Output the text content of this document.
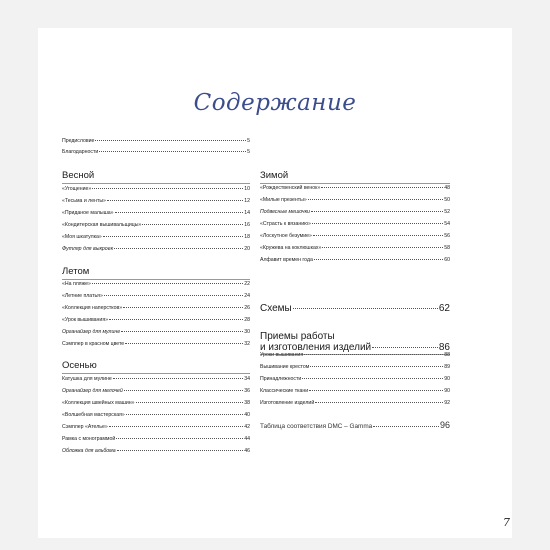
Содержание
Предисловие	5
Благодарности	5
Весной
«Угощение»	10
«Тесьма и ленты»	12
«Приданое малыша»	14
«Кондитерская вышивальщицы»	16
«Моя шкатулка»	18
Футляр для выкроек	20
Летом
«На пляже»	22
«Летние платья»	24
«Коллекция наперстков»	26
«Урок вышивания»	28
Органайзер для мулине	30
Сэмплер в красном цвете	32
Осенью
Катушка для мулине	34
Органайзер для мелочей	36
«Коллекция швейных машин»	38
«Волшебная мастерская»	40
Сэмплер «Ателье»	42
Рамка с монограммой	44
Обложка для альбома	46
Зимой
«Рождественский венок»	48
«Милые презенты»	50
Подвесные мешочки	52
«Страсть к вязанию»	54
«Лоскутное безумие»	56
«Кружева на коклюшках»	58
Алфавит времен года	60
Схемы	62
Приемы работы
и изготовления изделий	86
Уроки вышивания	88
Вышивание крестом	89
Принадлежности	90
Классические ткани	90
Изготовление изделий	92
Таблица соответствия DMC – Gamma	96
7
